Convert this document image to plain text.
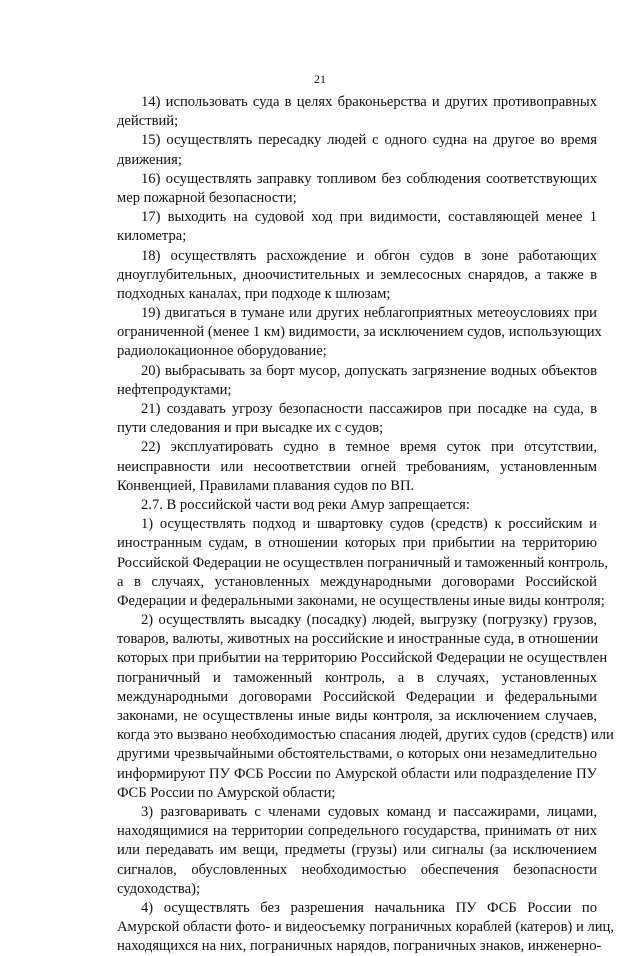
21
14) использовать суда в целях браконьерства и других противоправных
действий;
15) осуществлять пересадку людей с одного судна на другое во время
движения;
16) осуществлять заправку топливом без соблюдения соответствующих
мер пожарной безопасности;
17) выходить на судовой ход при видимости, составляющей менее 1
километра;
18) осуществлять расхождение и обгон судов в зоне работающих
дноуглубительных, дноочистительных и землесосных снарядов, а также в
подходных каналах, при подходе к шлюзам;
19) двигаться в тумане или других неблагоприятных метеоусловиях при
ограниченной (менее 1 км) видимости, за исключением судов, использующих
радиолокационное оборудование;
20) выбрасывать за борт мусор, допускать загрязнение водных объектов
нефтепродуктами;
21) создавать угрозу безопасности пассажиров при посадке на суда, в
пути следования и при высадке их с судов;
22) эксплуатировать судно в темное время суток при отсутствии,
неисправности или несоответствии огней требованиям, установленным
Конвенцией, Правилами плавания судов по ВП.
2.7. В российской части вод реки Амур запрещается:
1) осуществлять подход и швартовку судов (средств) к российским и
иностранным судам, в отношении которых при прибытии на территорию
Российской Федерации не осуществлен пограничный и таможенный контроль,
а в случаях, установленных международными договорами Российской
Федерации и федеральными законами, не осуществлены иные виды контроля;
2) осуществлять высадку (посадку) людей, выгрузку (погрузку) грузов,
товаров, валюты, животных на российские и иностранные суда, в отношении
которых при прибытии на территорию Российской Федерации не осуществлен
пограничный и таможенный контроль, а в случаях, установленных
международными договорами Российской Федерации и федеральными
законами, не осуществлены иные виды контроля, за исключением случаев,
когда это вызвано необходимостью спасания людей, других судов (средств) или
другими чрезвычайными обстоятельствами, о которых они незамедлительно
информируют ПУ ФСБ России по Амурской области или подразделение ПУ
ФСБ России по Амурской области;
3) разговаривать с членами судовых команд и пассажирами, лицами,
находящимися на территории сопредельного государства, принимать от них
или передавать им вещи, предметы (грузы) или сигналы (за исключением
сигналов, обусловленных необходимостью обеспечения безопасности
судоходства);
4) осуществлять без разрешения начальника ПУ ФСБ России по
Амурской области фото- и видеосъемку пограничных кораблей (катеров) и лиц,
находящихся на них, пограничных нарядов, пограничных знаков, инженерно-
